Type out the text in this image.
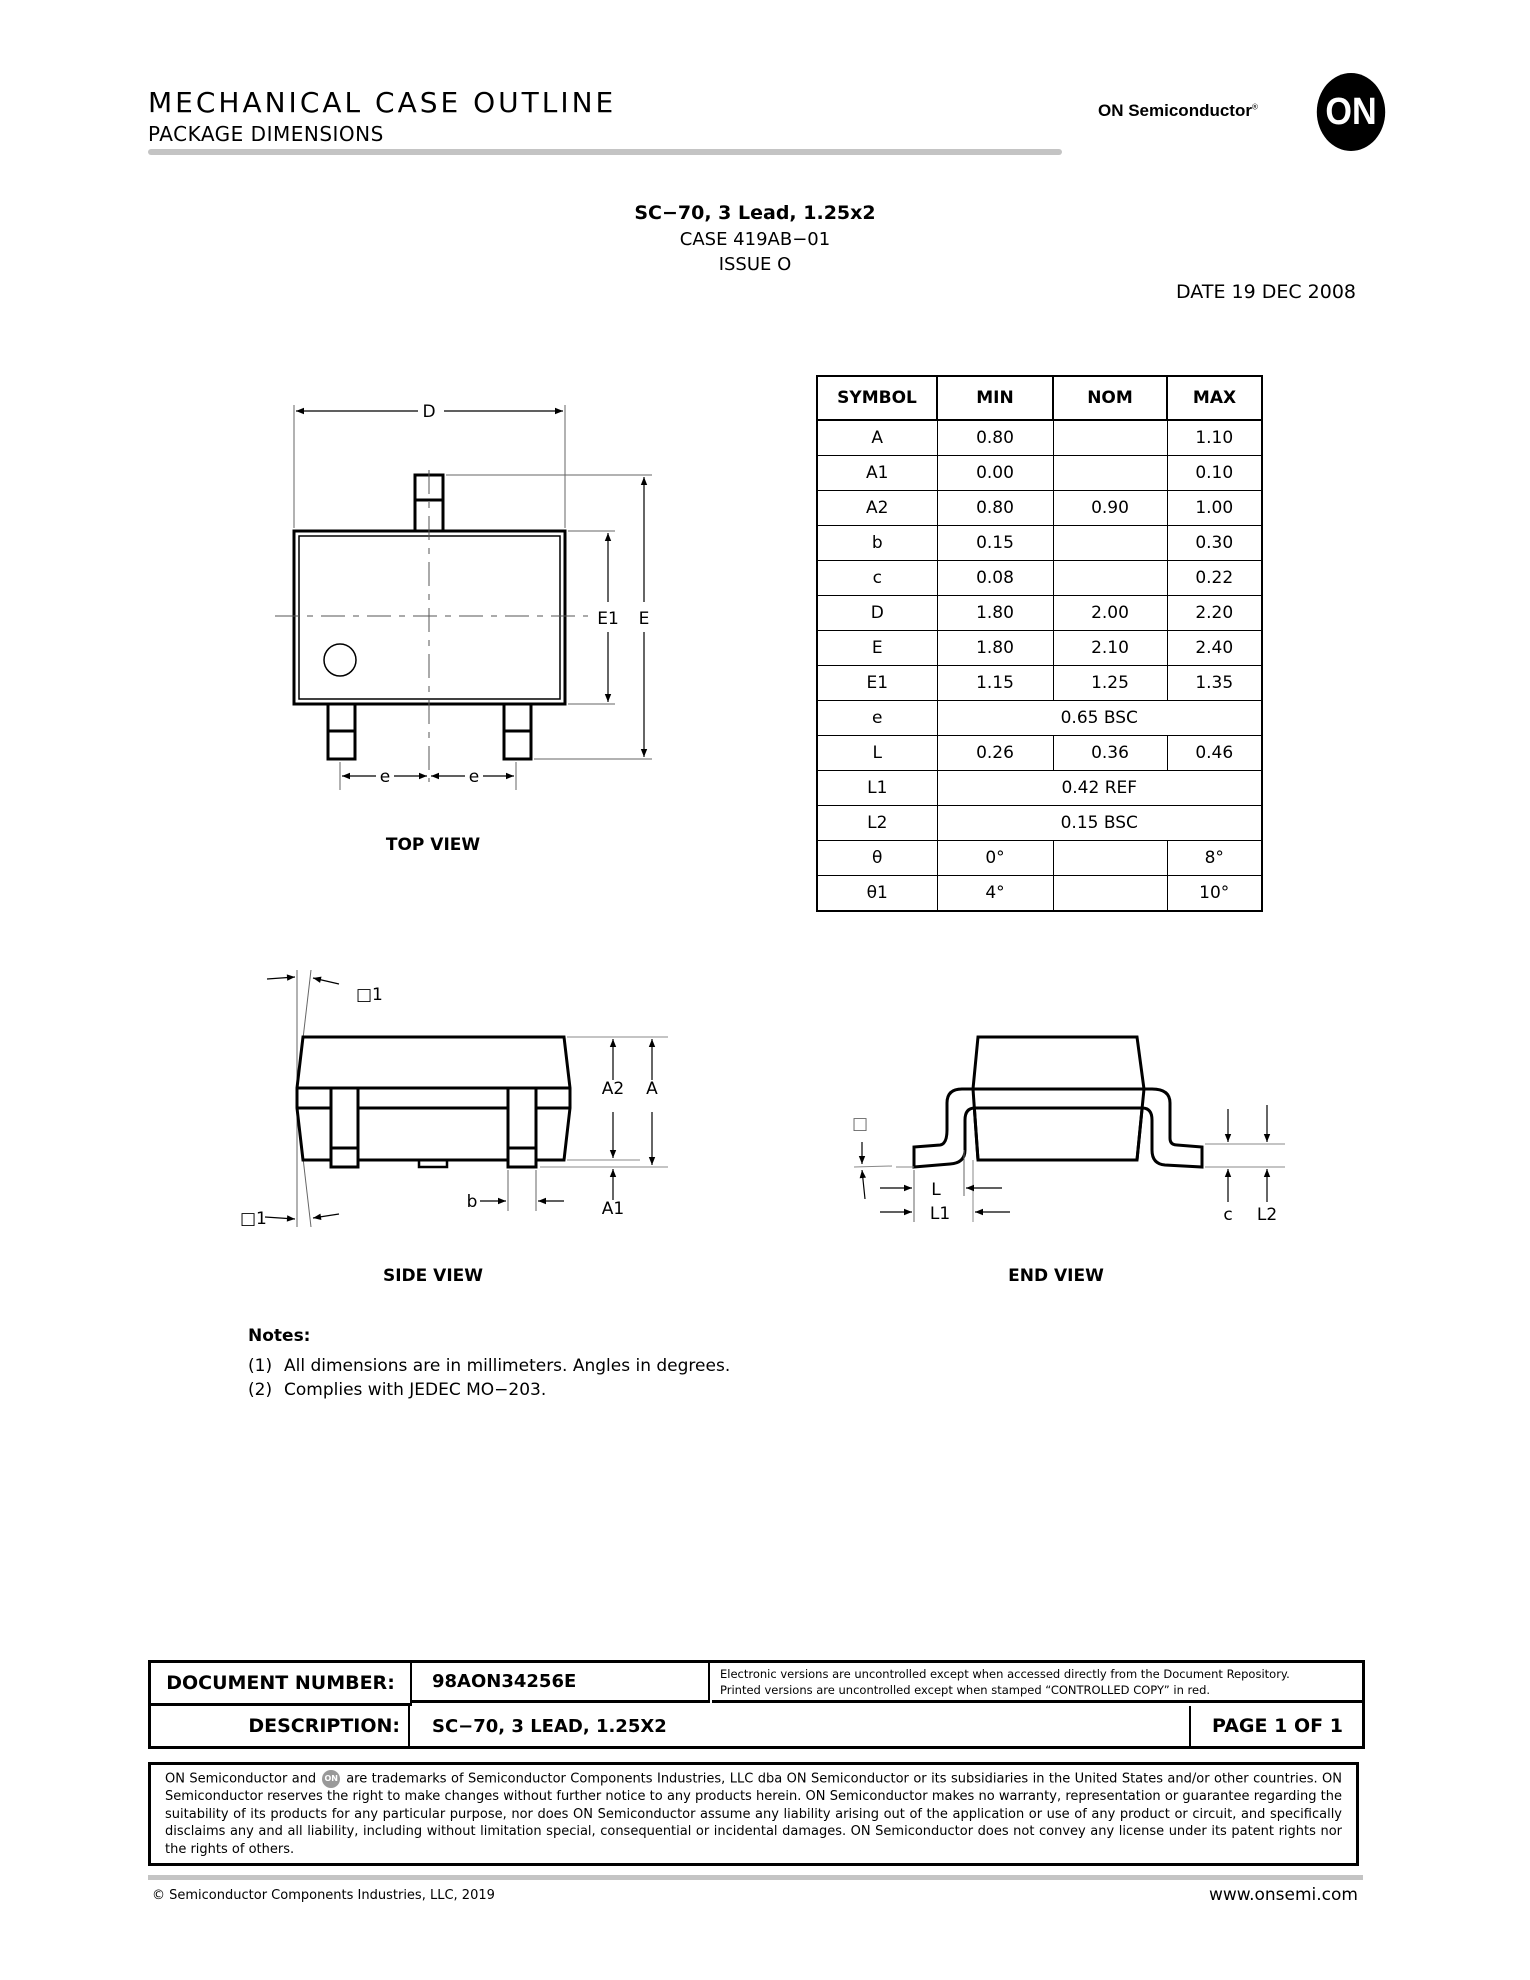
MECHANICAL CASE OUTLINE
PACKAGE DIMENSIONS
ON Semiconductor® ON
SC−70, 3 Lead, 1.25x2
CASE 419AB−01
ISSUE O
DATE 19 DEC 2008
SYMBOL	MIN	NOM	MAX
A	0.80		1.10
A1	0.00		0.10
A2	0.80	0.90	1.00
b	0.15		0.30
c	0.08		0.22
D	1.80	2.00	2.20
E	1.80	2.10	2.40
E1	1.15	1.25	1.35
e	0.65 BSC		
L	0.26	0.36	0.46
L1	0.42 REF		
L2	0.15 BSC		
θ	0°		8°
θ1	4°		10°
D
E1 E
e	e
TOP VIEW
□1
□1
A2 A
A1
b
SIDE VIEW
□
L
L1	c L2
END VIEW
Notes:
(1) All dimensions are in millimeters. Angles in degrees.
(2) Complies with JEDEC MO−203.
DOCUMENT NUMBER:	98AON34256E	Electronic versions are uncontrolled except when accessed directly from the Document Repository.
Printed versions are uncontrolled except when stamped “CONTROLLED COPY” in red.
DESCRIPTION:	SC−70, 3 LEAD, 1.25X2	PAGE 1 OF 1
ON Semiconductor and ON are trademarks of Semiconductor Components Industries, LLC dba ON Semiconductor or its subsidiaries in the United States and/or other countries. ON Semiconductor reserves the right to make changes without further notice to any products herein. ON Semiconductor makes no warranty, representation or guarantee regarding the suitability of its products for any particular purpose, nor does ON Semiconductor assume any liability arising out of the application or use of any product or circuit, and specifically disclaims any and all liability, including without limitation special, consequential or incidental damages. ON Semiconductor does not convey any license under its patent rights nor the rights of others.
© Semiconductor Components Industries, LLC, 2019	www.onsemi.com
